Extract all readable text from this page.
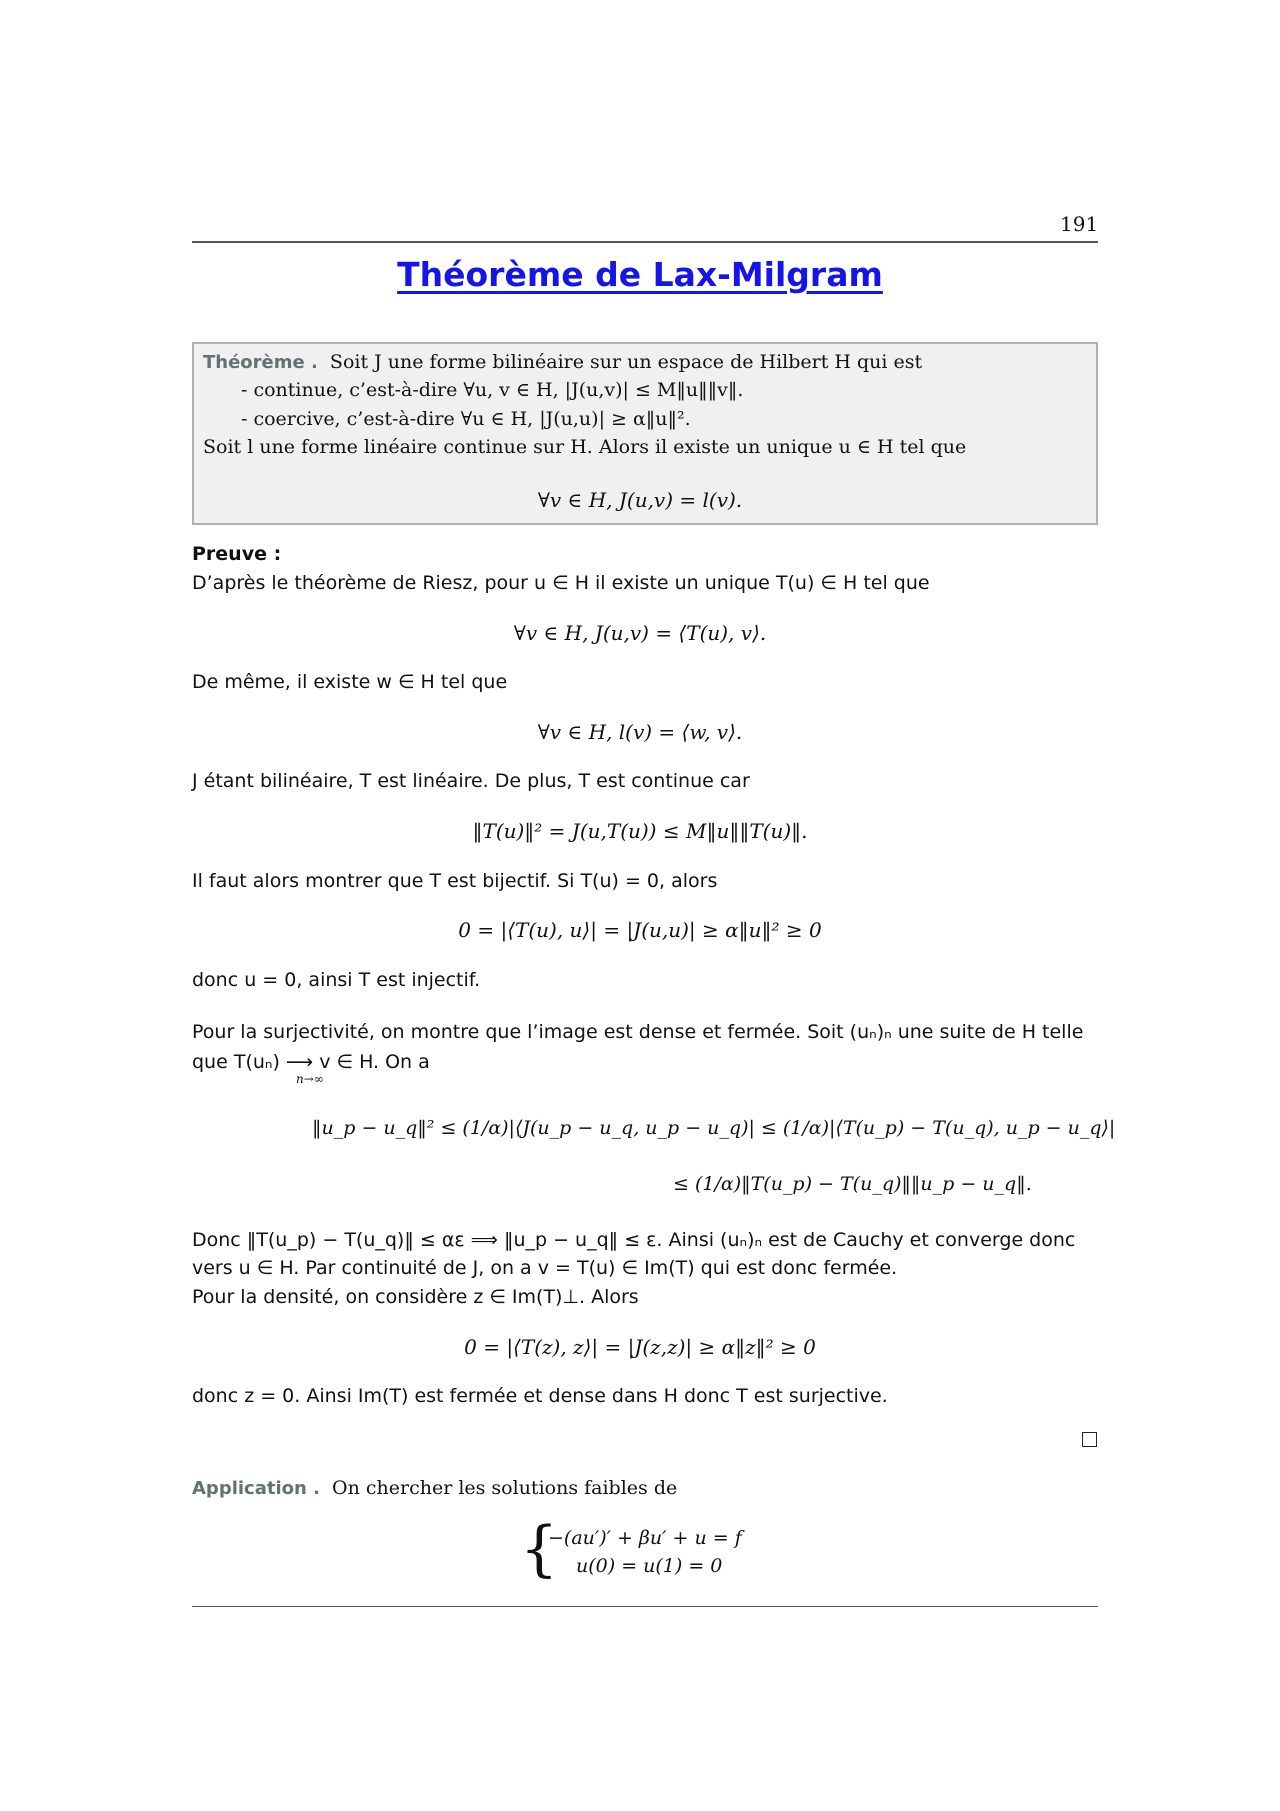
191
Théorème de Lax-Milgram
Théorème . Soit J une forme bilinéaire sur un espace de Hilbert H qui est
- continue, c’est-à-dire ∀u, v ∈ H, |J(u,v)| ≤ M‖u‖‖v‖.
- coercive, c’est-à-dire ∀u ∈ H, |J(u,u)| ≥ α‖u‖².
Soit l une forme linéaire continue sur H. Alors il existe un unique u ∈ H tel que
∀v ∈ H, J(u,v) = l(v).
Preuve :
D’après le théorème de Riesz, pour u ∈ H il existe un unique T(u) ∈ H tel que
∀v ∈ H, J(u,v) = ⟨T(u), v⟩.
De même, il existe w ∈ H tel que
∀v ∈ H, l(v) = ⟨w, v⟩.
J étant bilinéaire, T est linéaire. De plus, T est continue car
‖T(u)‖² = J(u,T(u)) ≤ M‖u‖‖T(u)‖.
Il faut alors montrer que T est bijectif. Si T(u) = 0, alors
0 = |⟨T(u), u⟩| = |J(u,u)| ≥ α‖u‖² ≥ 0
donc u = 0, ainsi T est injectif.
Pour la surjectivité, on montre que l’image est dense et fermée. Soit (uₙ)ₙ une suite de H telle
que T(uₙ) ⟶ v ∈ H. On a
n→∞
‖u_p − u_q‖² ≤ (1/α)|⟨J(u_p − u_q, u_p − u_q)| ≤ (1/α)|⟨T(u_p) − T(u_q), u_p − u_q⟩|
≤ (1/α)‖T(u_p) − T(u_q)‖‖u_p − u_q‖.
Donc ‖T(u_p) − T(u_q)‖ ≤ αε ⟹ ‖u_p − u_q‖ ≤ ε. Ainsi (uₙ)ₙ est de Cauchy et converge donc
vers u ∈ H. Par continuité de J, on a v = T(u) ∈ Im(T) qui est donc fermée.
Pour la densité, on considère z ∈ Im(T)⊥. Alors
0 = |⟨T(z), z⟩| = |J(z,z)| ≥ α‖z‖² ≥ 0
donc z = 0. Ainsi Im(T) est fermée et dense dans H donc T est surjective.
Application . On chercher les solutions faibles de
{
−(au′)′ + βu′ + u = f
u(0) = u(1) = 0
